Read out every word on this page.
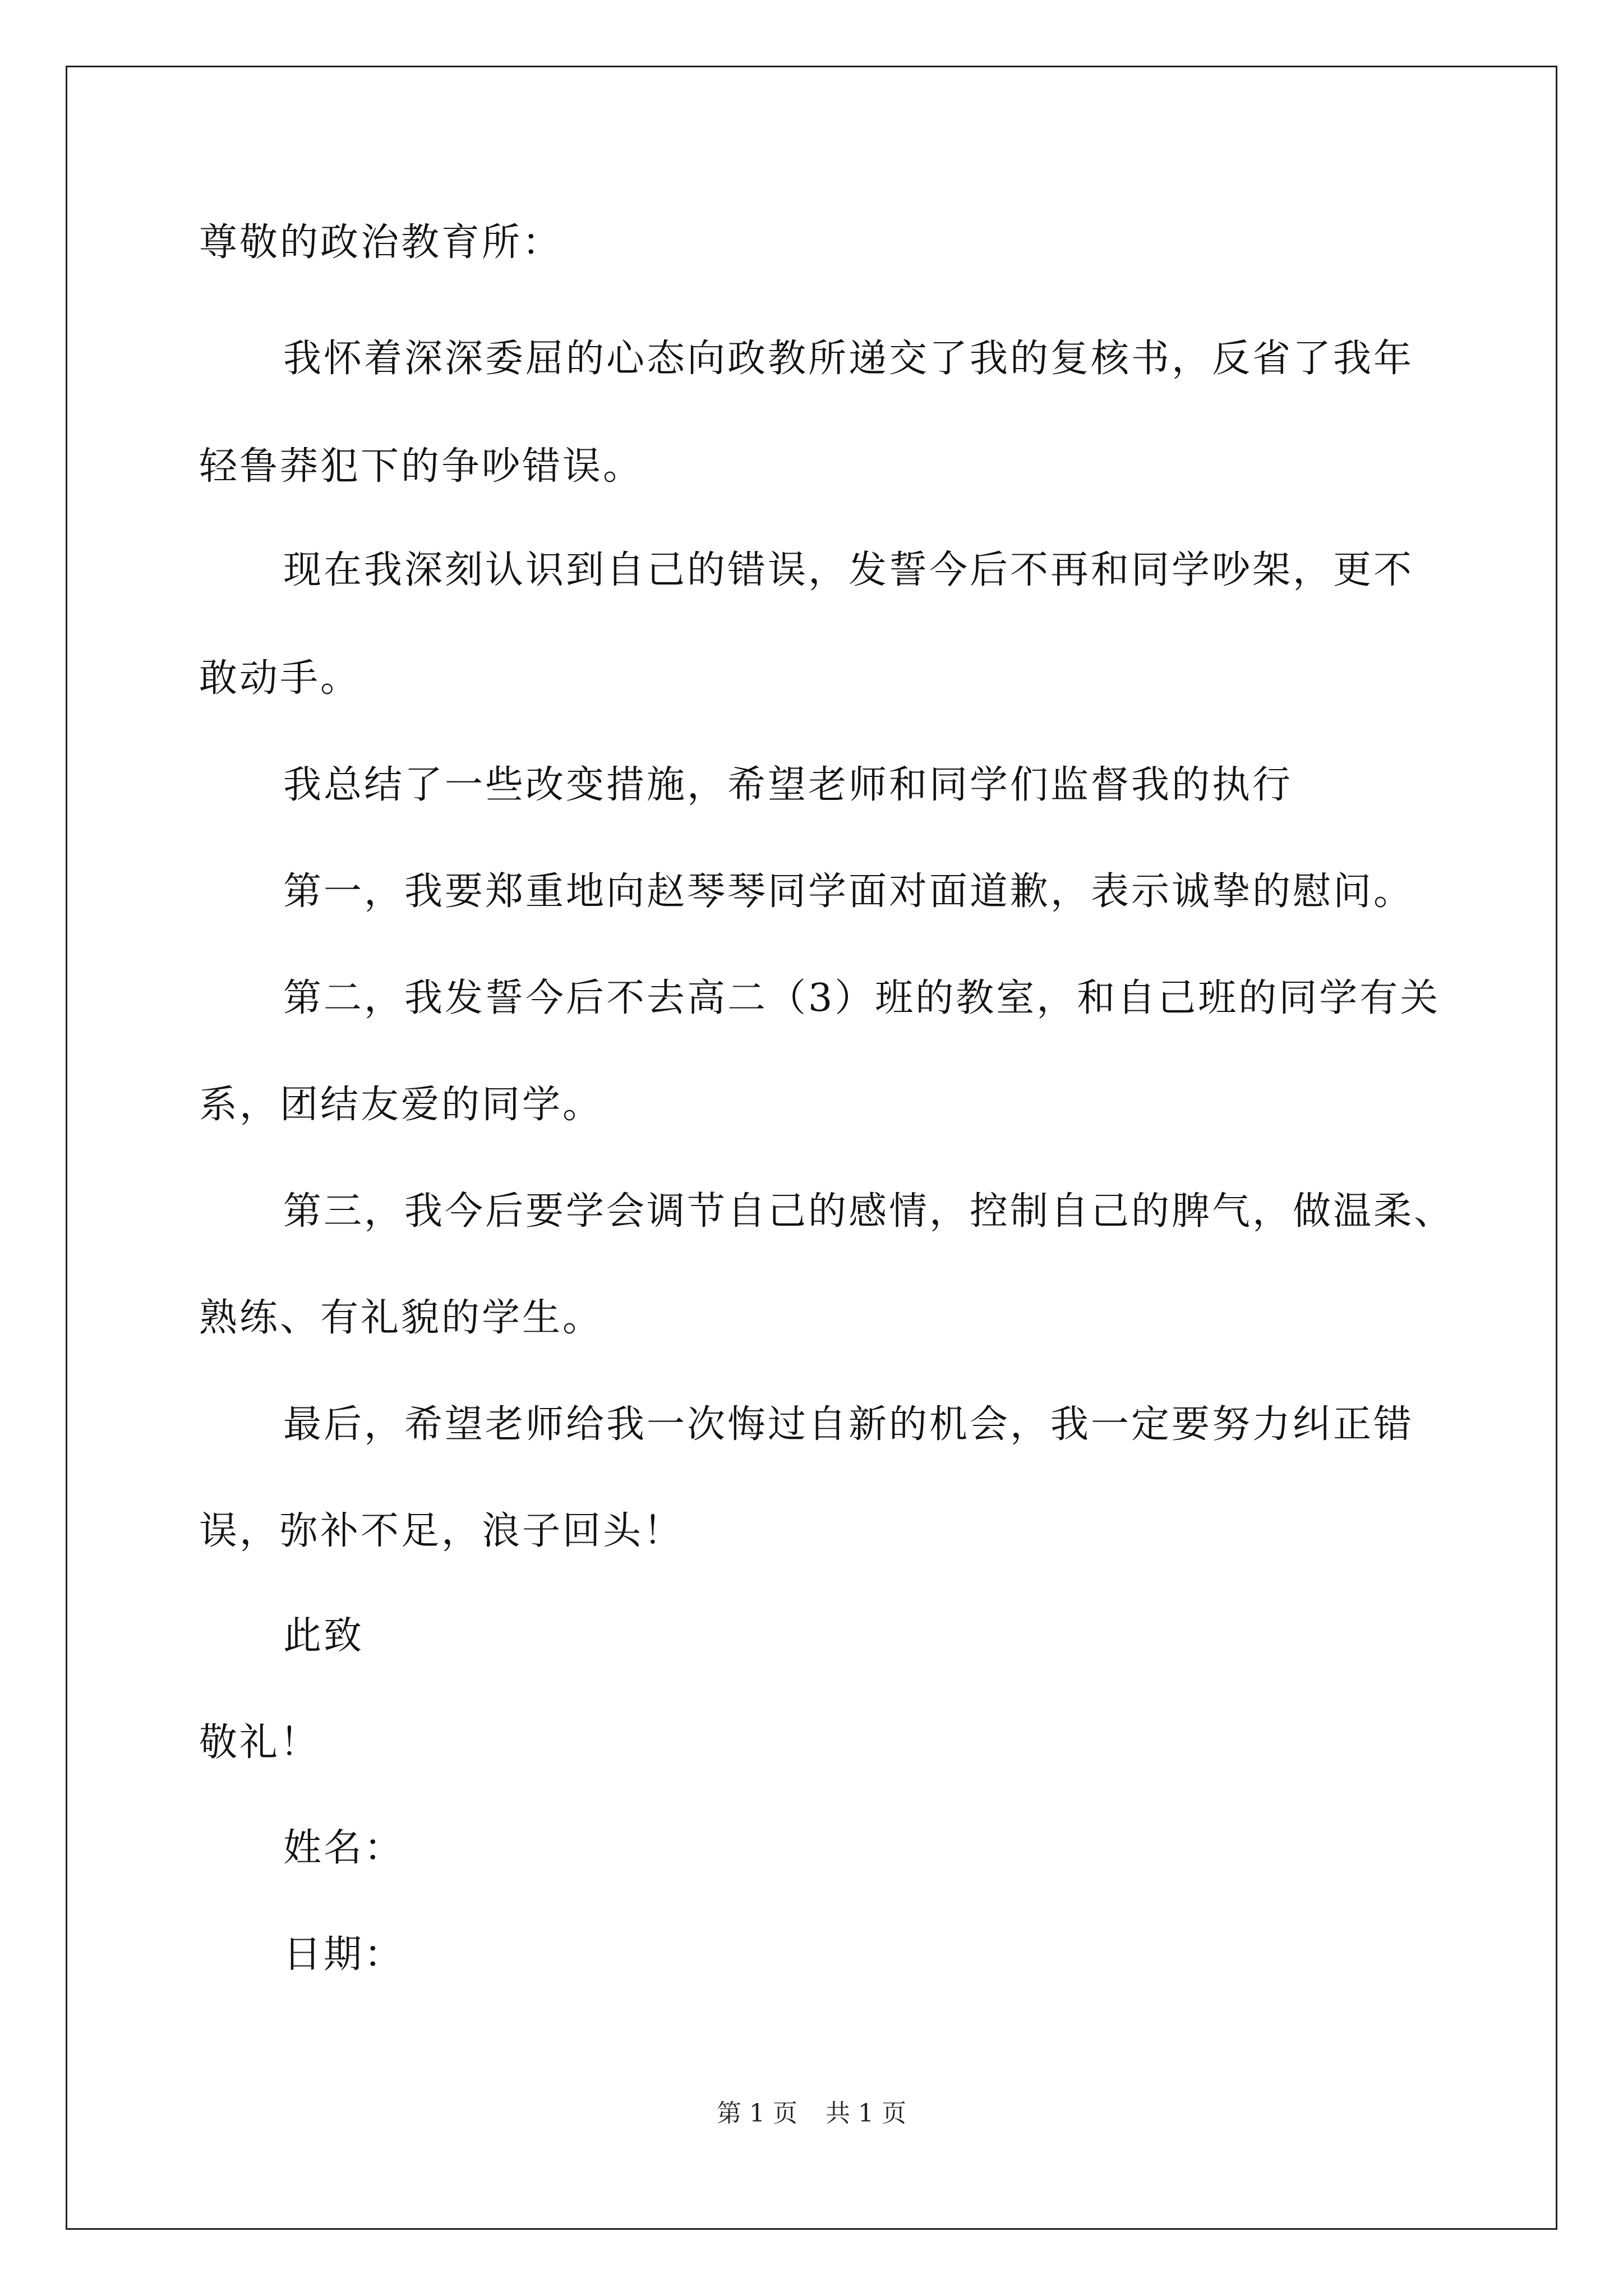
尊敬的政治教育所：
我怀着深深委屈的心态向政教所递交了我的复核书，反省了我年
轻鲁莽犯下的争吵错误。
现在我深刻认识到自己的错误，发誓今后不再和同学吵架，更不
敢动手。
我总结了一些改变措施，希望老师和同学们监督我的执行
第一，我要郑重地向赵琴琴同学面对面道歉，表示诚挚的慰问。
第二，我发誓今后不去高二（3）班的教室，和自己班的同学有关
系，团结友爱的同学。
第三，我今后要学会调节自己的感情，控制自己的脾气，做温柔、
熟练、有礼貌的学生。
最后，希望老师给我一次悔过自新的机会，我一定要努力纠正错
误，弥补不足，浪子回头！
此致
敬礼！
姓名：
日期：
第 1 页 共 1 页
